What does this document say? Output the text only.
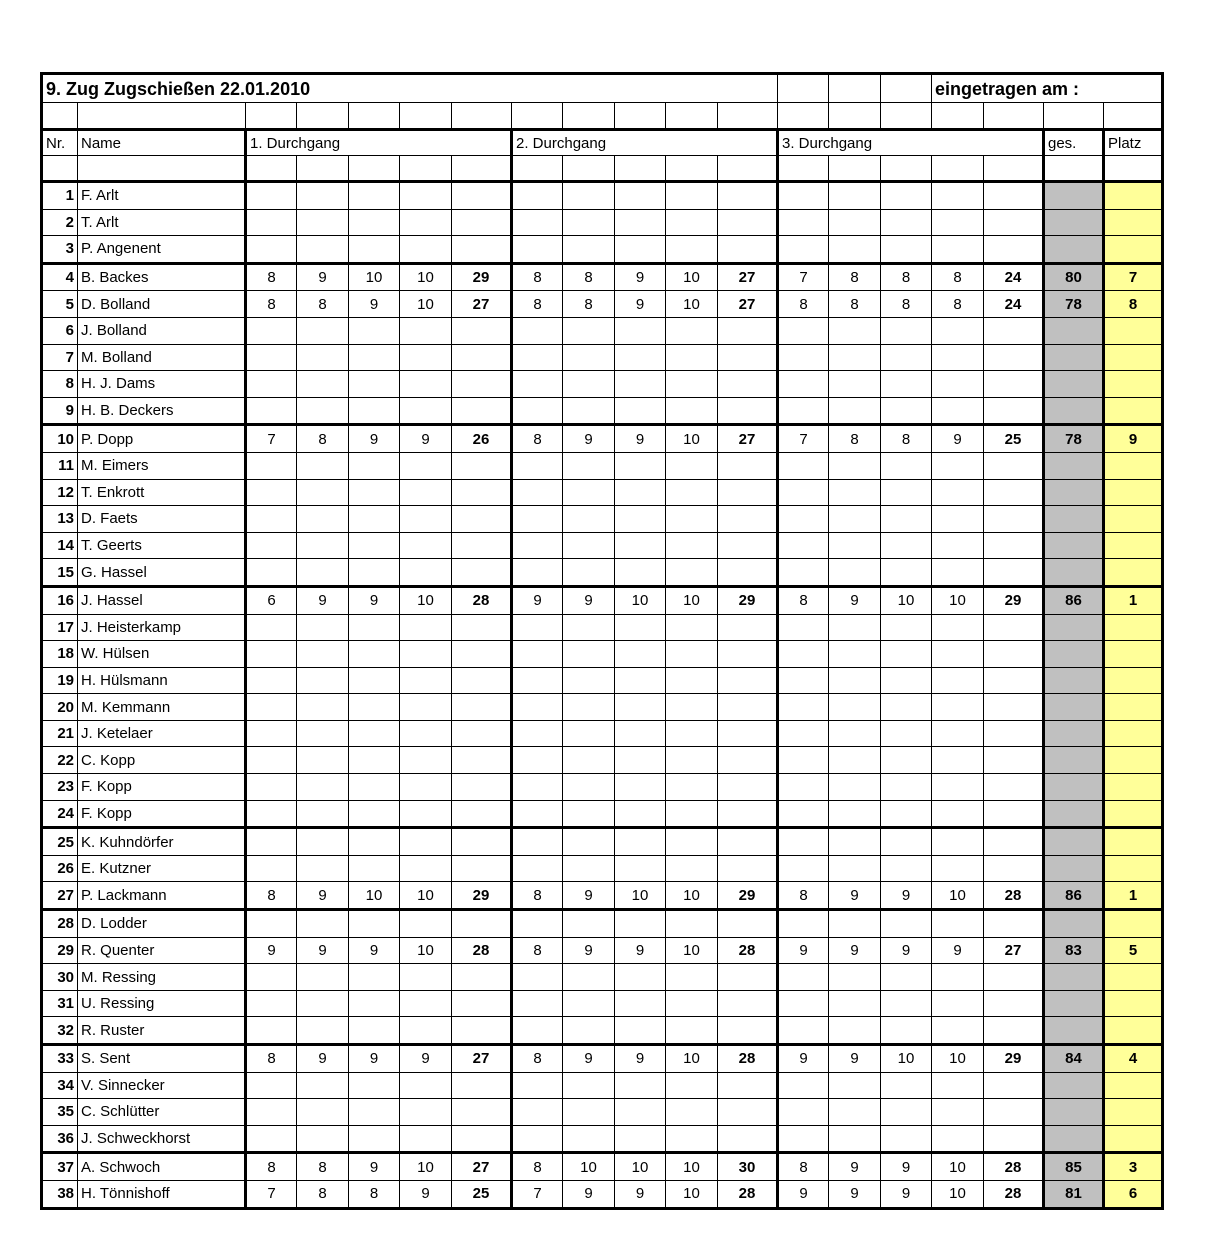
9. Zug Zugschießen 22.01.2010															eingetragen am :			

Nr.	Name	1. Durchgang					2. Durchgang					3. Durchgang					ges.	Platz

1	F. Arlt																	
2	T. Arlt																	
3	P. Angenent																	
4	B. Backes	8	9	10	10	29	8	8	9	10	27	7	8	8	8	24	80	7
5	D. Bolland	8	8	9	10	27	8	8	9	10	27	8	8	8	8	24	78	8
6	J. Bolland																	
7	M. Bolland																	
8	H. J. Dams																	
9	H. B. Deckers																	
10	P. Dopp	7	8	9	9	26	8	9	9	10	27	7	8	8	9	25	78	9
11	M. Eimers																	
12	T. Enkrott																	
13	D. Faets																	
14	T. Geerts																	
15	G. Hassel																	
16	J. Hassel	6	9	9	10	28	9	9	10	10	29	8	9	10	10	29	86	1
17	J. Heisterkamp																	
18	W. Hülsen																	
19	H. Hülsmann																	
20	M. Kemmann																	
21	J. Ketelaer																	
22	C. Kopp																	
23	F. Kopp																	
24	F. Kopp																	
25	K. Kuhndörfer																	
26	E. Kutzner																	
27	P. Lackmann	8	9	10	10	29	8	9	10	10	29	8	9	9	10	28	86	1
28	D. Lodder																	
29	R. Quenter	9	9	9	10	28	8	9	9	10	28	9	9	9	9	27	83	5
30	M. Ressing																	
31	U. Ressing																	
32	R. Ruster																	
33	S. Sent	8	9	9	9	27	8	9	9	10	28	9	9	10	10	29	84	4
34	V. Sinnecker																	
35	C. Schlütter																	
36	J. Schweckhorst																	
37	A. Schwoch	8	8	9	10	27	8	10	10	10	30	8	9	9	10	28	85	3
38	H. Tönnishoff	7	8	8	9	25	7	9	9	10	28	9	9	9	10	28	81	6
